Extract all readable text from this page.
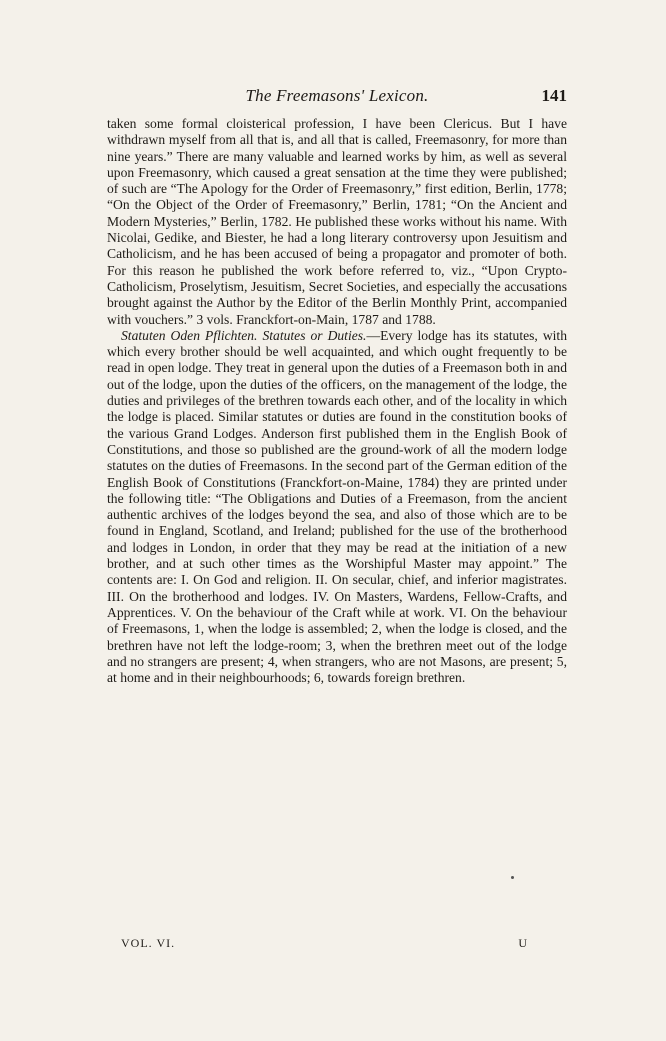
The Freemasons' Lexicon.	141

taken some formal cloisterical profession, I have been Clericus. But I have withdrawn myself from all that is, and all that is called, Freemasonry, for more than nine years.” There are many valuable and learned works by him, as well as several upon Freemasonry, which caused a great sensation at the time they were published; of such are “The Apology for the Order of Freemasonry,” first edition, Berlin, 1778; “On the Object of the Order of Freemasonry,” Berlin, 1781; “On the Ancient and Modern Mysteries,” Berlin, 1782. He published these works without his name. With Nicolai, Gedike, and Biester, he had a long literary controversy upon Jesuitism and Catholicism, and he has been accused of being a propagator and promoter of both. For this reason he published the work before referred to, viz., “Upon Crypto-Catholicism, Proselytism, Jesuitism, Secret Societies, and especially the accusations brought against the Author by the Editor of the Berlin Monthly Print, accompanied with vouchers.” 3 vols. Franckfort-on-Main, 1787 and 1788.

Statuten Oden Pflichten. Statutes or Duties.—Every lodge has its statutes, with which every brother should be well acquainted, and which ought frequently to be read in open lodge. They treat in general upon the duties of a Freemason both in and out of the lodge, upon the duties of the officers, on the management of the lodge, the duties and privileges of the brethren towards each other, and of the locality in which the lodge is placed. Similar statutes or duties are found in the constitution books of the various Grand Lodges. Anderson first published them in the English Book of Constitutions, and those so published are the ground-work of all the modern lodge statutes on the duties of Freemasons. In the second part of the German edition of the English Book of Constitutions (Franckfort-on-Maine, 1784) they are printed under the following title: “The Obligations and Duties of a Freemason, from the ancient authentic archives of the lodges beyond the sea, and also of those which are to be found in England, Scotland, and Ireland; published for the use of the brotherhood and lodges in London, in order that they may be read at the initiation of a new brother, and at such other times as the Worshipful Master may appoint.” The contents are: I. On God and religion. II. On secular, chief, and inferior magistrates. III. On the brotherhood and lodges. IV. On Masters, Wardens, Fellow-Crafts, and Apprentices. V. On the behaviour of the Craft while at work. VI. On the behaviour of Freemasons, 1, when the lodge is assembled; 2, when the lodge is closed, and the brethren have not left the lodge-room; 3, when the brethren meet out of the lodge and no strangers are present; 4, when strangers, who are not Masons, are present; 5, at home and in their neighbourhoods; 6, towards foreign brethren.

VOL. VI.	U
